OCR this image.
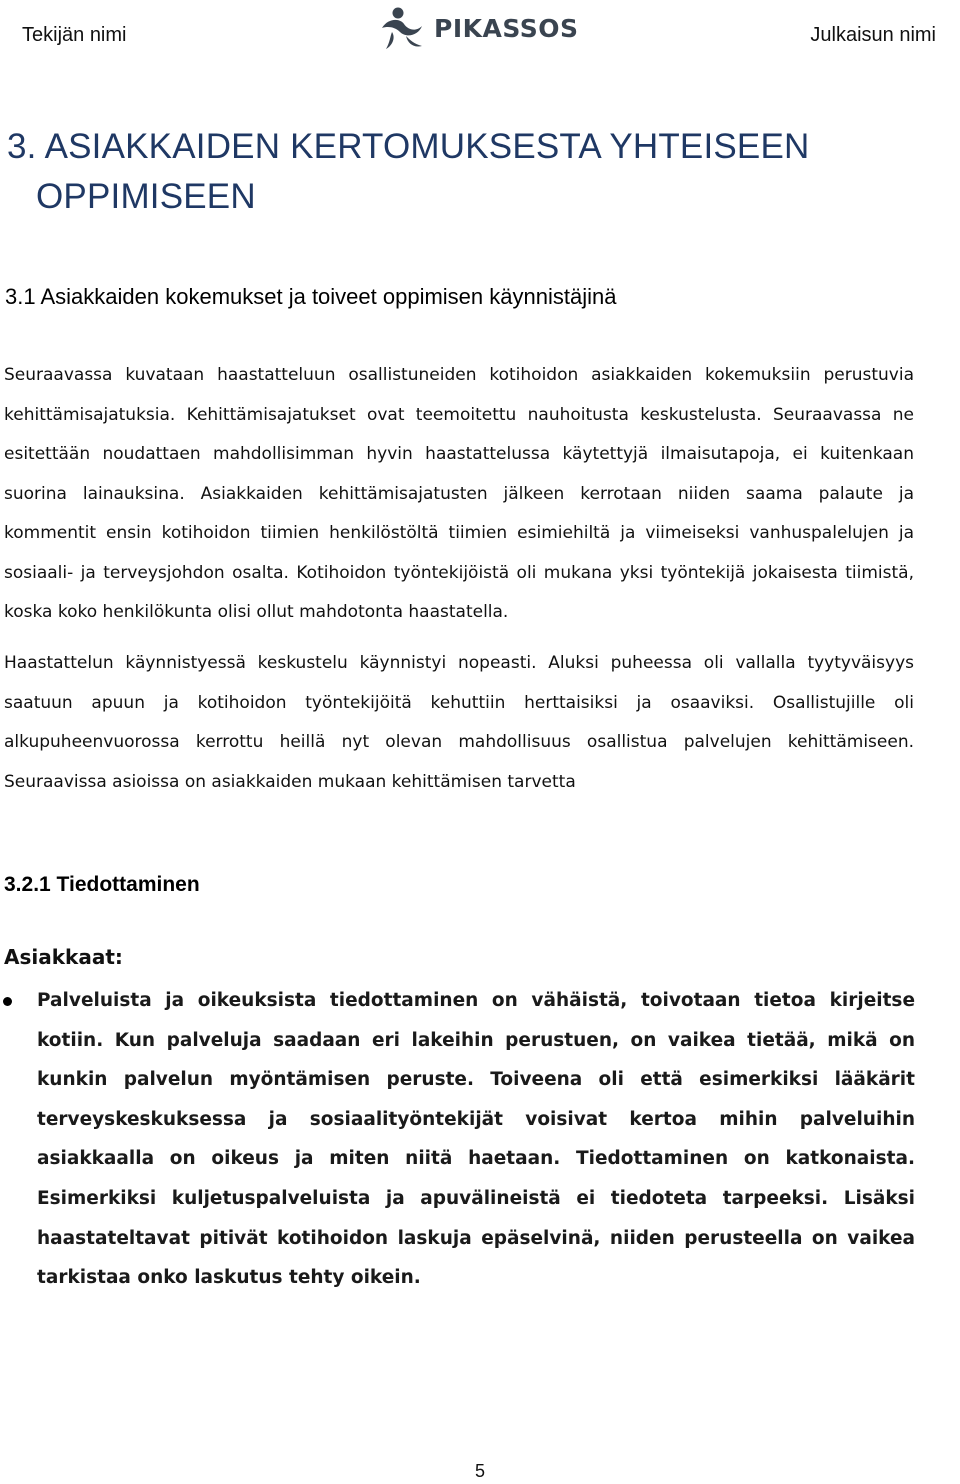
Tekijän nimi	PIKASSOS	Julkaisun nimi
3. ASIAKKAIDEN KERTOMUKSESTA YHTEISEEN
OPPIMISEEN
3.1 Asiakkaiden kokemukset ja toiveet oppimisen käynnistäjinä

Seuraavassa kuvataan haastatteluun osallistuneiden kotihoidon asiakkaiden kokemuksiin perustuvia kehittämisajatuksia. Kehittämisajatukset ovat teemoitettu nauhoitusta keskustelusta. Seuraavassa ne esitettään noudattaen mahdollisimman hyvin haastattelussa käytettyjä ilmaisutapoja, ei kuitenkaan suorina lainauksina. Asiakkaiden kehittämisajatusten jälkeen kerrotaan niiden saama palaute ja kommentit ensin kotihoidon tiimien henkilöstöltä tiimien esimiehiltä ja viimeiseksi vanhuspalelujen ja sosiaali- ja terveysjohdon osalta. Kotihoidon työntekijöistä oli mukana yksi työntekijä jokaisesta tiimistä, koska koko henkilökunta olisi ollut mahdotonta haastatella.

Haastattelun käynnistyessä keskustelu käynnistyi nopeasti. Aluksi puheessa oli vallalla tyytyväisyys saatuun apuun ja kotihoidon työntekijöitä kehuttiin herttaisiksi ja osaaviksi. Osallistujille oli alkupuheenvuorossa kerrottu heillä nyt olevan mahdollisuus osallistua palvelujen kehittämiseen. Seuraavissa asioissa on asiakkaiden mukaan kehittämisen tarvetta

3.2.1 Tiedottaminen

Asiakkaat:

Palveluista ja oikeuksista tiedottaminen on vähäistä, toivotaan tietoa kirjeitse kotiin. Kun palveluja saadaan eri lakeihin perustuen, on vaikea tietää, mikä on kunkin palvelun myöntämisen peruste. Toiveena oli että esimerkiksi lääkärit terveyskeskuksessa ja sosiaalityöntekijät voisivat kertoa mihin palveluihin asiakkaalla on oikeus ja miten niitä haetaan. Tiedottaminen on katkonaista. Esimerkiksi kuljetuspalveluista ja apuvälineistä ei tiedoteta tarpeeksi. Lisäksi haastateltavat pitivät kotihoidon laskuja epäselvinä, niiden perusteella on vaikea tarkistaa onko laskutus tehty oikein.
5
